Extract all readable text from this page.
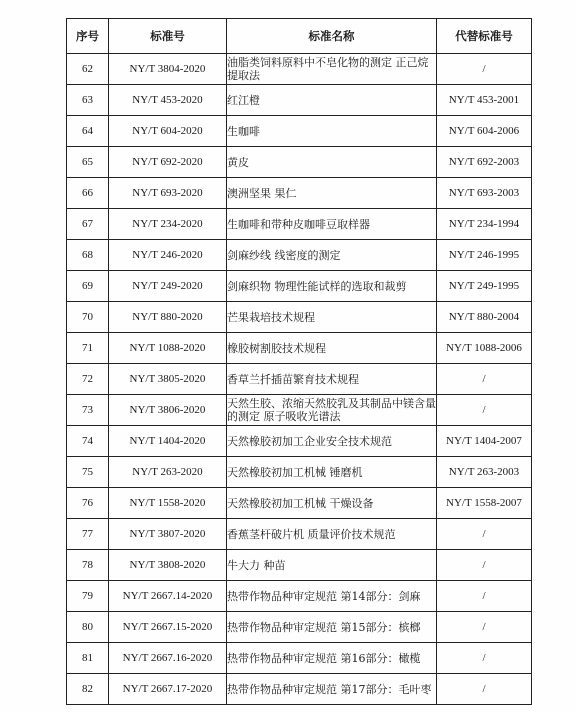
序号	标准号	标准名称	代替标准号
62	NY/T 3804-2020	油脂类饲料原料中不皂化物的测定 正己烷提取法	/
63	NY/T 453-2020	红江橙	NY/T 453-2001
64	NY/T 604-2020	生咖啡	NY/T 604-2006
65	NY/T 692-2020	黄皮	NY/T 692-2003
66	NY/T 693-2020	澳洲坚果 果仁	NY/T 693-2003
67	NY/T 234-2020	生咖啡和带种皮咖啡豆取样器	NY/T 234-1994
68	NY/T 246-2020	剑麻纱线 线密度的测定	NY/T 246-1995
69	NY/T 249-2020	剑麻织物 物理性能试样的选取和裁剪	NY/T 249-1995
70	NY/T 880-2020	芒果栽培技术规程	NY/T 880-2004
71	NY/T 1088-2020	橡胶树割胶技术规程	NY/T 1088-2006
72	NY/T 3805-2020	香草兰扦插苗繁育技术规程	/
73	NY/T 3806-2020	天然生胶、浓缩天然胶乳及其制品中镁含量的测定 原子吸收光谱法	/
74	NY/T 1404-2020	天然橡胶初加工企业安全技术规范	NY/T 1404-2007
75	NY/T 263-2020	天然橡胶初加工机械 锤磨机	NY/T 263-2003
76	NY/T 1558-2020	天然橡胶初加工机械 干燥设备	NY/T 1558-2007
77	NY/T 3807-2020	香蕉茎杆破片机 质量评价技术规范	/
78	NY/T 3808-2020	牛大力 种苗	/
79	NY/T 2667.14-2020	热带作物品种审定规范 第14部分：剑麻	/
80	NY/T 2667.15-2020	热带作物品种审定规范 第15部分：槟榔	/
81	NY/T 2667.16-2020	热带作物品种审定规范 第16部分：橄榄	/
82	NY/T 2667.17-2020	热带作物品种审定规范 第17部分：毛叶枣	/
